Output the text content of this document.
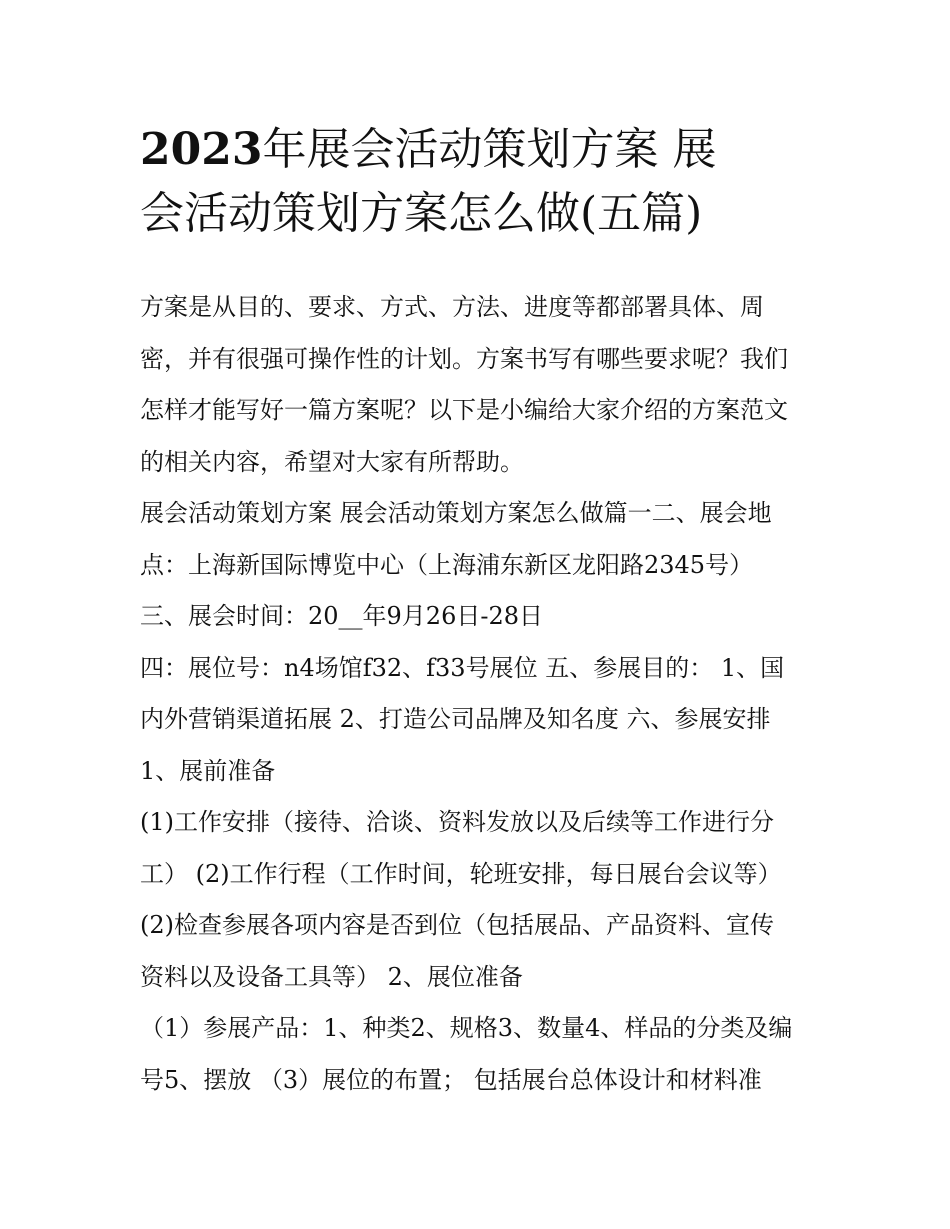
2023年展会活动策划方案 展
会活动策划方案怎么做(五篇)
方案是从目的、要求、方式、方法、进度等都部署具体、周
密，并有很强可操作性的计划。方案书写有哪些要求呢？我们
怎样才能写好一篇方案呢？以下是小编给大家介绍的方案范文
的相关内容，希望对大家有所帮助。
展会活动策划方案 展会活动策划方案怎么做篇一二、展会地
点：上海新国际博览中心（上海浦东新区龙阳路2345号）
三、展会时间：20__年9月26日-28日
四：展位号：n4场馆f32、f33号展位 五、参展目的： 1、国
内外营销渠道拓展 2、打造公司品牌及知名度 六、参展安排
1、展前准备
(1)工作安排（接待、洽谈、资料发放以及后续等工作进行分
工） (2)工作行程（工作时间，轮班安排，每日展台会议等）
(2)检查参展各项内容是否到位（包括展品、产品资料、宣传
资料以及设备工具等） 2、展位准备
（1）参展产品：1、种类2、规格3、数量4、样品的分类及编
号5、摆放 （3）展位的布置； 包括展台总体设计和材料准
